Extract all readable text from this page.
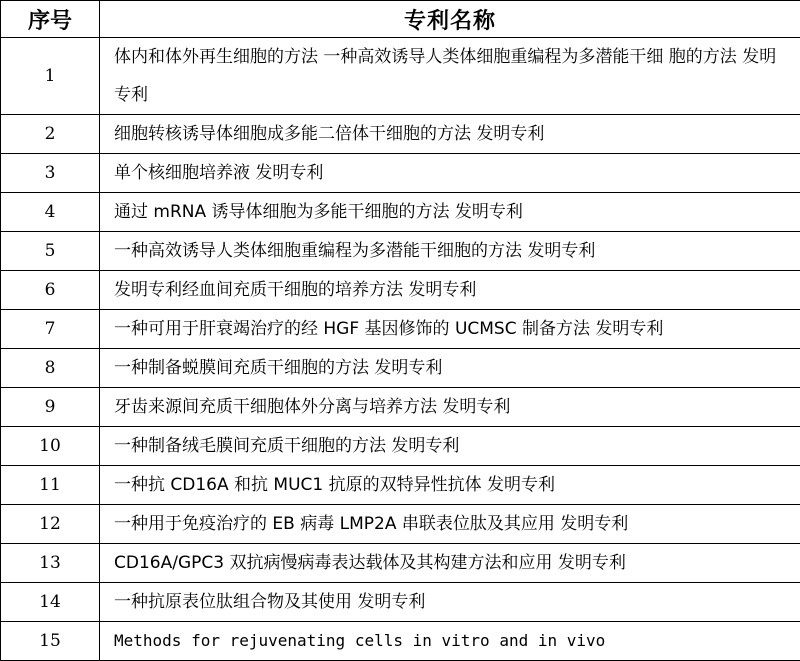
序号	专利名称
1	体内和体外再生细胞的方法 一种高效诱导人类体细胞重编程为多潜能干细 胞的方法 发明专利
2	细胞转核诱导体细胞成多能二倍体干细胞的方法 发明专利
3	单个核细胞培养液 发明专利
4	通过 mRNA 诱导体细胞为多能干细胞的方法 发明专利
5	一种高效诱导人类体细胞重编程为多潜能干细胞的方法 发明专利
6	发明专利经血间充质干细胞的培养方法 发明专利
7	一种可用于肝衰竭治疗的经 HGF 基因修饰的 UCMSC 制备方法 发明专利
8	一种制备蜕膜间充质干细胞的方法 发明专利
9	牙齿来源间充质干细胞体外分离与培养方法 发明专利
10	一种制备绒毛膜间充质干细胞的方法 发明专利
11	一种抗 CD16A 和抗 MUC1 抗原的双特异性抗体 发明专利
12	一种用于免疫治疗的 EB 病毒 LMP2A 串联表位肽及其应用 发明专利
13	CD16A/GPC3 双抗病慢病毒表达载体及其构建方法和应用 发明专利
14	一种抗原表位肽组合物及其使用 发明专利
15	Methods for rejuvenating cells in vitro and in vivo
